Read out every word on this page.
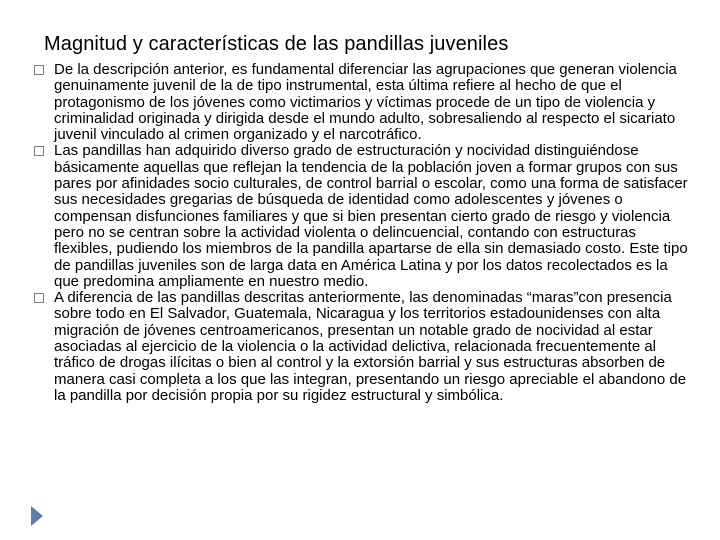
Magnitud y características de las pandillas juveniles
De la descripción anterior, es fundamental diferenciar las agrupaciones que generan violencia genuinamente juvenil de la de tipo instrumental, esta última refiere al hecho de que el protagonismo de los jóvenes como victimarios y víctimas procede de un tipo de violencia y criminalidad originada y dirigida desde el mundo adulto, sobresaliendo al respecto el sicariato juvenil vinculado al crimen organizado y el narcotráfico.
Las pandillas han adquirido diverso grado de estructuración y nocividad distinguiéndose básicamente aquellas que reflejan la tendencia de la población joven a formar grupos con sus pares por afinidades socio culturales, de control barrial o escolar, como una forma de satisfacer sus necesidades gregarias de búsqueda de identidad como adolescentes y jóvenes o compensan disfunciones familiares y que si bien presentan cierto grado de riesgo y violencia pero no se centran sobre la actividad violenta o delincuencial, contando con estructuras flexibles, pudiendo los miembros de la pandilla apartarse de ella sin demasiado costo. Este tipo de pandillas juveniles son de larga data en América Latina y por los datos recolectados es la que predomina ampliamente en nuestro medio.
A diferencia de las pandillas descritas anteriormente, las denominadas “maras”con presencia sobre todo en El Salvador, Guatemala, Nicaragua y los territorios estadounidenses con alta migración de jóvenes centroamericanos, presentan un notable grado de nocividad al estar asociadas al ejercicio de la violencia o la actividad delictiva, relacionada frecuentemente al tráfico de drogas ilícitas o bien al control y la extorsión barrial y sus estructuras absorben de manera casi completa a los que las integran, presentando un riesgo apreciable el abandono de la pandilla por decisión propia por su rigidez estructural y simbólica.
